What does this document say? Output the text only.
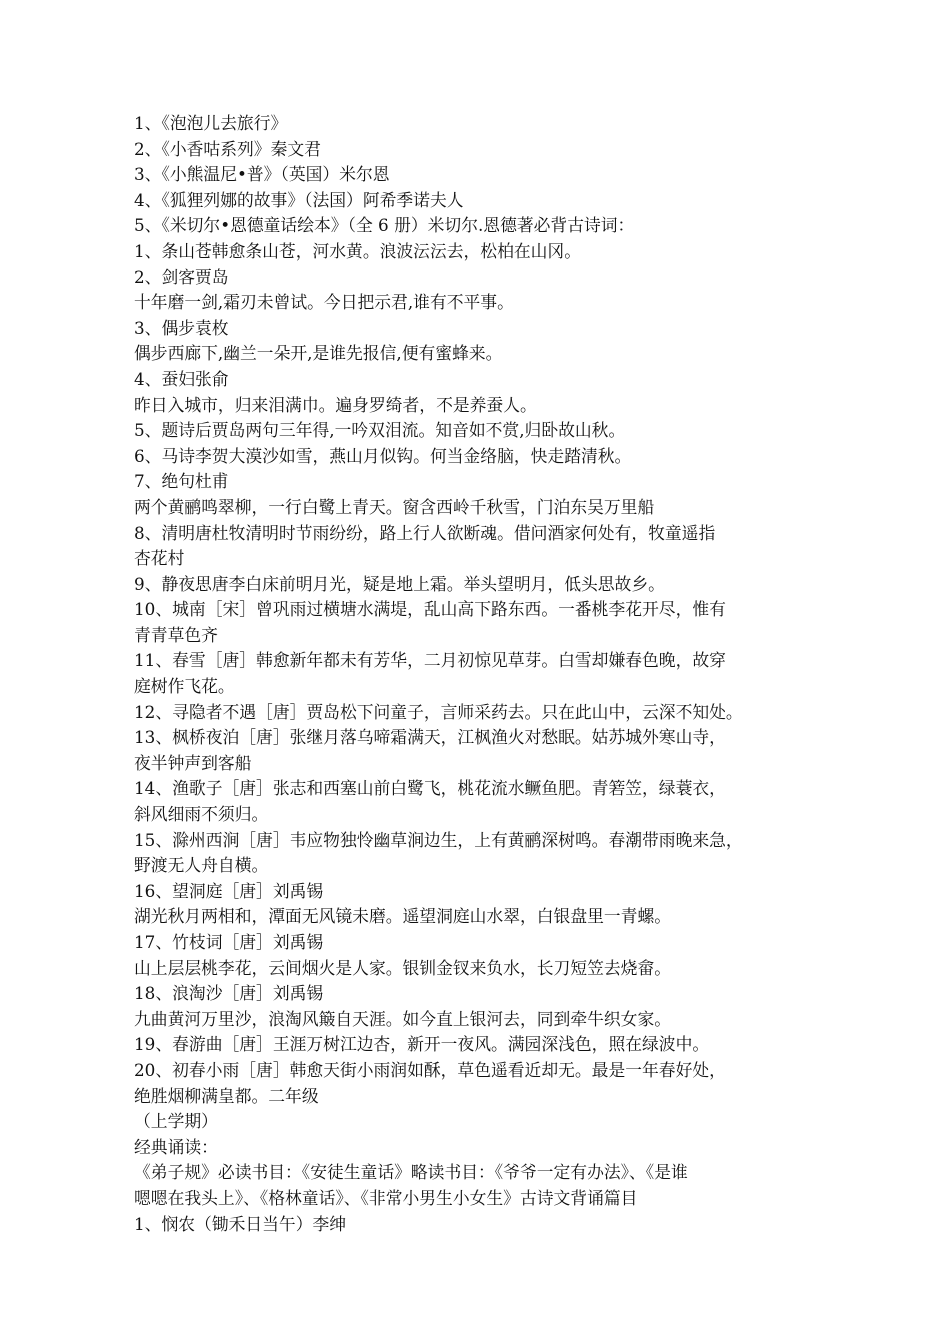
1、《泡泡儿去旅行》
2、《小香咕系列》秦文君
3、《小熊温尼•普》（英国）米尔恩
4、《狐狸列娜的故事》（法国）阿希季诺夫人
5、《米切尔•恩德童话绘本》（全 6 册）米切尔.恩德著必背古诗词：
1、条山苍韩愈条山苍，河水黄。浪波沄沄去，松柏在山冈。
2、剑客贾岛
十年磨一剑,霜刃未曾试。今日把示君,谁有不平事。
3、偶步袁枚
偶步西廊下,幽兰一朵开,是谁先报信,便有蜜蜂来。
4、蚕妇张俞
昨日入城市，归来泪满巾。遍身罗绮者，不是养蚕人。
5、题诗后贾岛两句三年得,一吟双泪流。知音如不赏,归卧故山秋。
6、马诗李贺大漠沙如雪，燕山月似钩。何当金络脑，快走踏清秋。
7、绝句杜甫
两个黄鹂鸣翠柳，一行白鹭上青天。窗含西岭千秋雪，门泊东吴万里船
8、清明唐杜牧清明时节雨纷纷，路上行人欲断魂。借问酒家何处有，牧童遥指
杏花村
9、静夜思唐李白床前明月光，疑是地上霜。举头望明月，低头思故乡。
10、城南［宋］曾巩雨过横塘水满堤，乱山高下路东西。一番桃李花开尽，惟有
青青草色齐
11、春雪［唐］韩愈新年都未有芳华，二月初惊见草芽。白雪却嫌春色晚，故穿
庭树作飞花。
12、寻隐者不遇［唐］贾岛松下问童子，言师采药去。只在此山中，云深不知处。
13、枫桥夜泊［唐］张继月落乌啼霜满天，江枫渔火对愁眠。姑苏城外寒山寺，
夜半钟声到客船
14、渔歌子［唐］张志和西塞山前白鹭飞，桃花流水鳜鱼肥。青箬笠，绿蓑衣，
斜风细雨不须归。
15、滁州西涧［唐］韦应物独怜幽草涧边生，上有黄鹂深树鸣。春潮带雨晚来急，
野渡无人舟自横。
16、望洞庭［唐］刘禹锡
湖光秋月两相和，潭面无风镜未磨。遥望洞庭山水翠，白银盘里一青螺。
17、竹枝词［唐］刘禹锡
山上层层桃李花，云间烟火是人家。银钏金钗来负水，长刀短笠去烧畲。
18、浪淘沙［唐］刘禹锡
九曲黄河万里沙，浪淘风簸自天涯。如今直上银河去，同到牵牛织女家。
19、春游曲［唐］王涯万树江边杏，新开一夜风。满园深浅色，照在绿波中。
20、初春小雨［唐］韩愈天街小雨润如酥，草色遥看近却无。最是一年春好处，
绝胜烟柳满皇都。二年级
（上学期）
经典诵读：
《弟子规》必读书目：《安徒生童话》略读书目：《爷爷一定有办法》、《是谁
嗯嗯在我头上》、《格林童话》、《非常小男生小女生》古诗文背诵篇目
1、悯农（锄禾日当午）李绅
